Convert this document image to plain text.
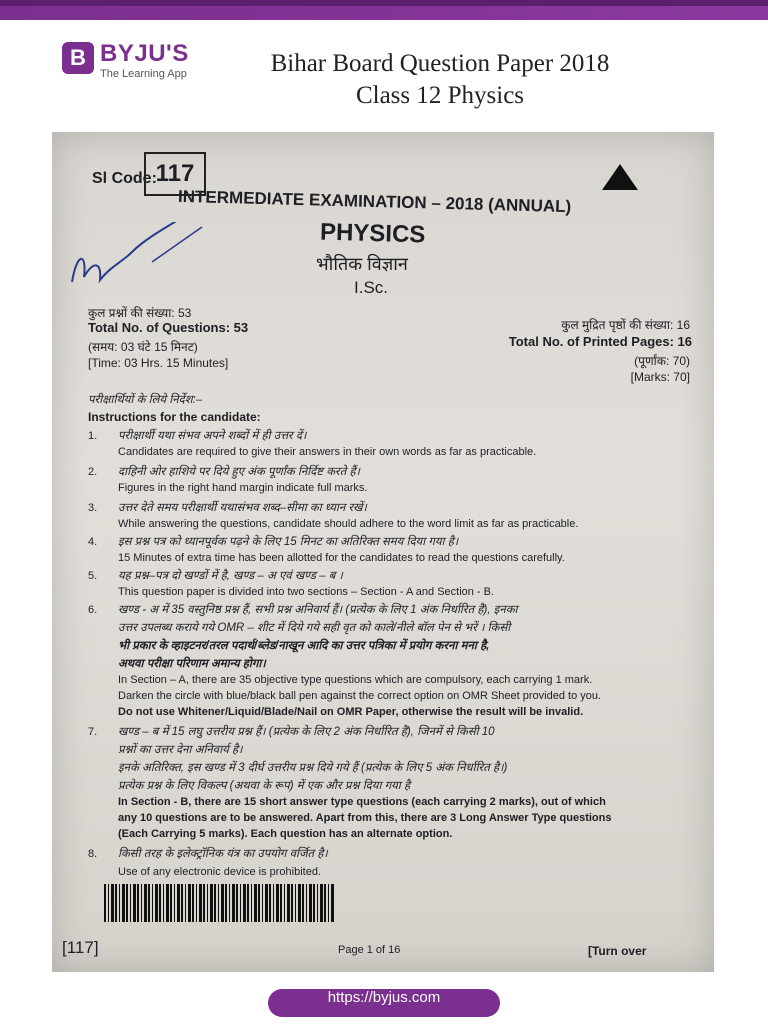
B BYJU'S
The Learning App	Bihar Board Question Paper 2018
Class 12 Physics
Sl Code:
117
INTERMEDIATE EXAMINATION – 2018 (ANNUAL)
PHYSICS
भौतिक विज्ञान
I.Sc.
कुल प्रश्नों की संख्या: 53
Total No. of Questions: 53
(समय: 03 घंटे 15 मिनट)
[Time: 03 Hrs. 15 Minutes]
कुल मुद्रित पृष्ठों की संख्या: 16
Total No. of Printed Pages: 16
(पूर्णांक: 70)
[Marks: 70]
परीक्षार्थियों के लिये निर्देश:–
Instructions for the candidate:
1. परीक्षार्थी यथा संभव अपने शब्दों में ही उत्तर दें।
Candidates are required to give their answers in their own words as far as practicable.
2. दाहिनी ओर हाशिये पर दिये हुए अंक पूर्णांक निर्दिष्ट करते हैं।
Figures in the right hand margin indicate full marks.
3. उत्तर देते समय परीक्षार्थी यथासंभव शब्द–सीमा का ध्यान रखें।
While answering the questions, candidate should adhere to the word limit as far as practicable.
4. इस प्रश्न पत्र को ध्यानपूर्वक पढ़ने के लिए 15 मिनट का अतिरिक्त समय दिया गया है।
15 Minutes of extra time has been allotted for the candidates to read the questions carefully.
5. यह प्रश्न–पत्र दो खण्डों में है, खण्ड – अ एवं खण्ड – ब ।
This question paper is divided into two sections – Section - A and Section - B.
6. खण्ड - अ में 35 वस्तुनिष्ठ प्रश्न हैं, सभी प्रश्न अनिवार्य हैं। (प्रत्येक के लिए 1 अंक निर्धारित है), इनका
उत्तर उपलब्ध कराये गये OMR – शीट में दिये गये सही वृत को काले/नीले बॉल पेन से भरें । किसी
भी प्रकार के व्हाइटनर/तरल पदार्थ/ब्लेड/नाखून आदि का उत्तर पत्रिका में प्रयोग करना मना है,
अथवा परीक्षा परिणाम अमान्य होगा।
In Section – A, there are 35 objective type questions which are compulsory, each carrying 1 mark.
Darken the circle with blue/black ball pen against the correct option on OMR Sheet provided to you.
Do not use Whitener/Liquid/Blade/Nail on OMR Paper, otherwise the result will be invalid.
7. खण्ड – ब में 15 लघु उत्तरीय प्रश्न हैं। (प्रत्येक के लिए 2 अंक निर्धारित है), जिनमें से किसी 10
प्रश्नों का उत्तर देना अनिवार्य है।
इनके अतिरिक्त, इस खण्ड में 3 दीर्घ उत्तरीय प्रश्न दिये गये हैं (प्रत्येक के लिए 5 अंक निर्धारित है।)
प्रत्येक प्रश्न के लिए विकल्प (अथवा के रूप) में एक और प्रश्न दिया गया है
In Section - B, there are 15 short answer type questions (each carrying 2 marks), out of which
any 10 questions are to be answered. Apart from this, there are 3 Long Answer Type questions
(Each Carrying 5 marks). Each question has an alternate option.
8. किसी तरह के इलेक्ट्रॉनिक यंत्र का उपयोग वर्जित है।
Use of any electronic device is prohibited.
[117]	Page 1 of 16	[Turn over
https://byjus.com
